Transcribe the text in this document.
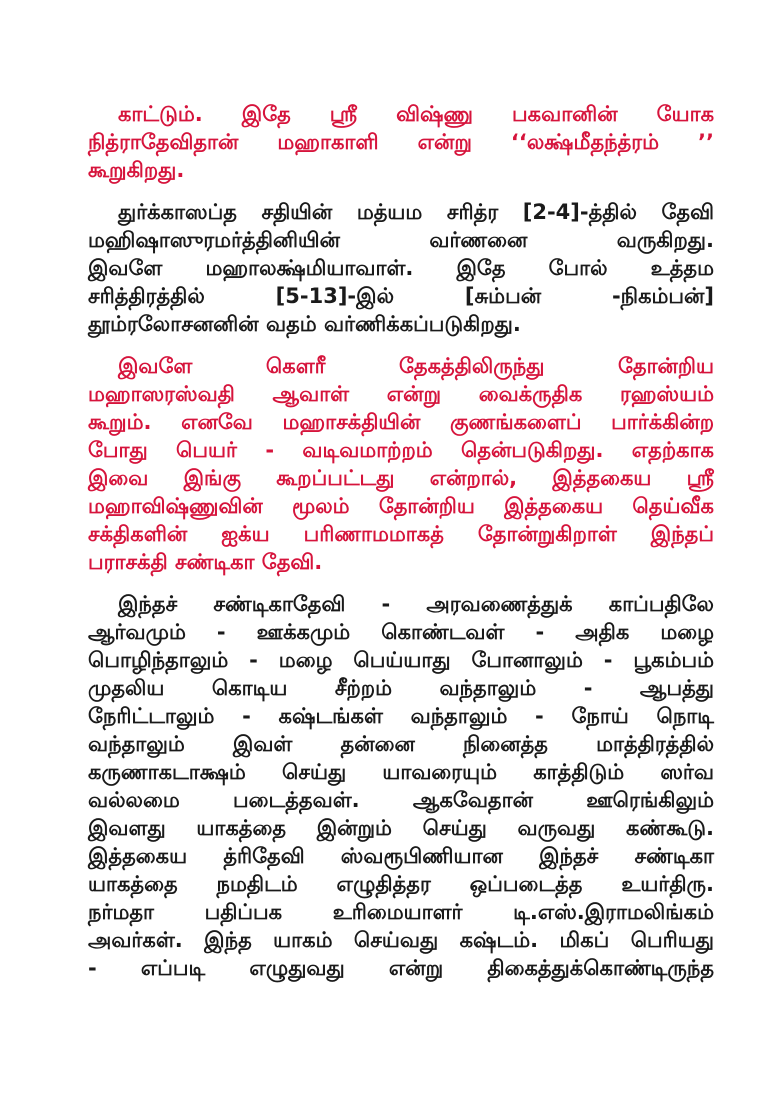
காட்டும். இதே ஸ்ரீ விஷ்ணு பகவானின் யோக
நித்ராதேவிதான் மஹாகாளி என்று ‘‘லக்ஷ்மீதந்த்ரம் ’’
கூறுகிறது.
துர்க்காஸப்த சதியின் மத்யம சரித்ர [2-4]-த்தில் தேவி
மஹிஷாஸுரமர்த்தினியின் வர்ணனை வருகிறது.
இவளே மஹாலக்ஷ்மியாவாள். இதே போல் உத்தம
சரித்திரத்தில் [5-13]-இல் [சும்பன் -நிகம்பன்]
தூம்ரலோசனனின் வதம் வர்ணிக்கப்படுகிறது.
இவளே கௌரீ தேகத்திலிருந்து தோன்றிய
மஹாஸரஸ்வதி ஆவாள் என்று வைக்ருதிக ரஹஸ்யம்
கூறும். எனவே மஹாசக்தியின் குணங்களைப் பார்க்கின்ற
போது பெயர் - வடிவமாற்றம் தென்படுகிறது. எதற்காக
இவை இங்கு கூறப்பட்டது என்றால், இத்தகைய ஸ்ரீ
மஹாவிஷ்ணுவின் மூலம் தோன்றிய இத்தகைய தெய்வீக
சக்திகளின் ஐக்ய பரிணாமமாகத் தோன்றுகிறாள் இந்தப்
பராசக்தி சண்டிகா தேவி.
இந்தச் சண்டிகாதேவி - அரவணைத்துக் காப்பதிலே
ஆர்வமும் - ஊக்கமும் கொண்டவள் - அதிக மழை
பொழிந்தாலும் - மழை பெய்யாது போனாலும் - பூகம்பம்
முதலிய கொடிய சீற்றம் வந்தாலும் - ஆபத்து
நேரிட்டாலும் - கஷ்டங்கள் வந்தாலும் - நோய் நொடி
வந்தாலும் இவள் தன்னை நினைத்த மாத்திரத்தில்
கருணாகடாக்ஷம் செய்து யாவரையும் காத்திடும் ஸர்வ
வல்லமை படைத்தவள். ஆகவேதான் ஊரெங்கிலும்
இவளது யாகத்தை இன்றும் செய்து வருவது கண்கூடு.
இத்தகைய த்ரிதேவி ஸ்வரூபிணியான இந்தச் சண்டிகா
யாகத்தை நமதிடம் எழுதித்தர ஒப்படைத்த உயர்திரு.
நர்மதா பதிப்பக உரிமையாளர் டி.எஸ்.இராமலிங்கம்
அவர்கள். இந்த யாகம் செய்வது கஷ்டம். மிகப் பெரியது
- எப்படி எழுதுவது என்று திகைத்துக்கொண்டிருந்த
